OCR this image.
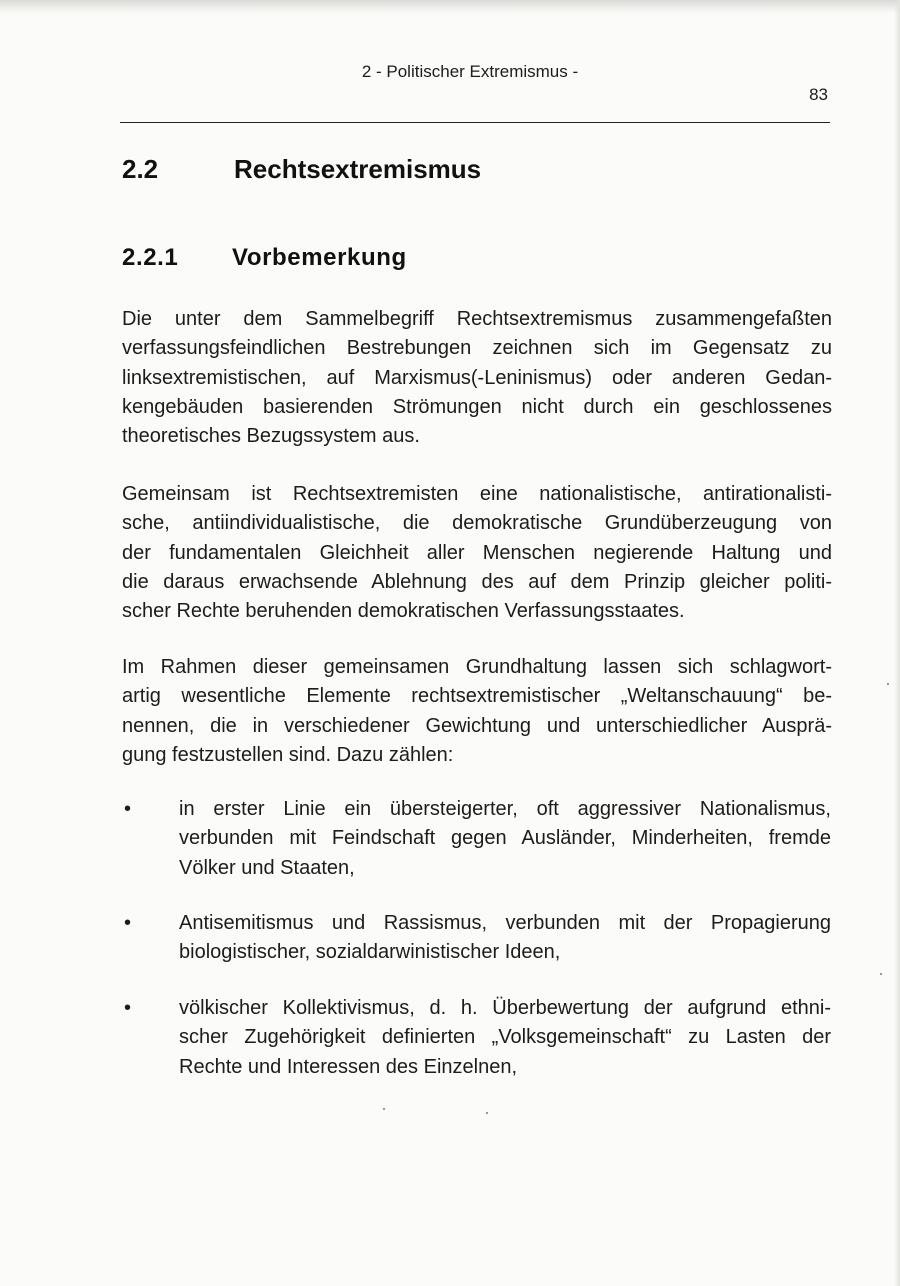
2 - Politischer Extremismus -
83
2.2	Rechtsextremismus
2.2.1 Vorbemerkung
Die unter dem Sammelbegriff Rechtsextremismus zusammengefaßten
verfassungsfeindlichen Bestrebungen zeichnen sich im Gegensatz zu
linksextremistischen, auf Marxismus(-Leninismus) oder anderen Gedan-
kengebäuden basierenden Strömungen nicht durch ein geschlossenes
theoretisches Bezugssystem aus.
Gemeinsam ist Rechtsextremisten eine nationalistische, antirationalisti-
sche, antiindividualistische, die demokratische Grundüberzeugung von
der fundamentalen Gleichheit aller Menschen negierende Haltung und
die daraus erwachsende Ablehnung des auf dem Prinzip gleicher politi-
scher Rechte beruhenden demokratischen Verfassungsstaates.
Im Rahmen dieser gemeinsamen Grundhaltung lassen sich schlagwort-
artig wesentliche Elemente rechtsextremistischer „Weltanschauung“ be-
nennen, die in verschiedener Gewichtung und unterschiedlicher Ausprä-
gung festzustellen sind. Dazu zählen:
• in erster Linie ein übersteigerter, oft aggressiver Nationalismus,
verbunden mit Feindschaft gegen Ausländer, Minderheiten, fremde
Völker und Staaten,
• Antisemitismus und Rassismus, verbunden mit der Propagierung
biologistischer, sozialdarwinistischer Ideen,
• völkischer Kollektivismus, d. h. Überbewertung der aufgrund ethni-
scher Zugehörigkeit definierten „Volksgemeinschaft“ zu Lasten der
Rechte und Interessen des Einzelnen,
